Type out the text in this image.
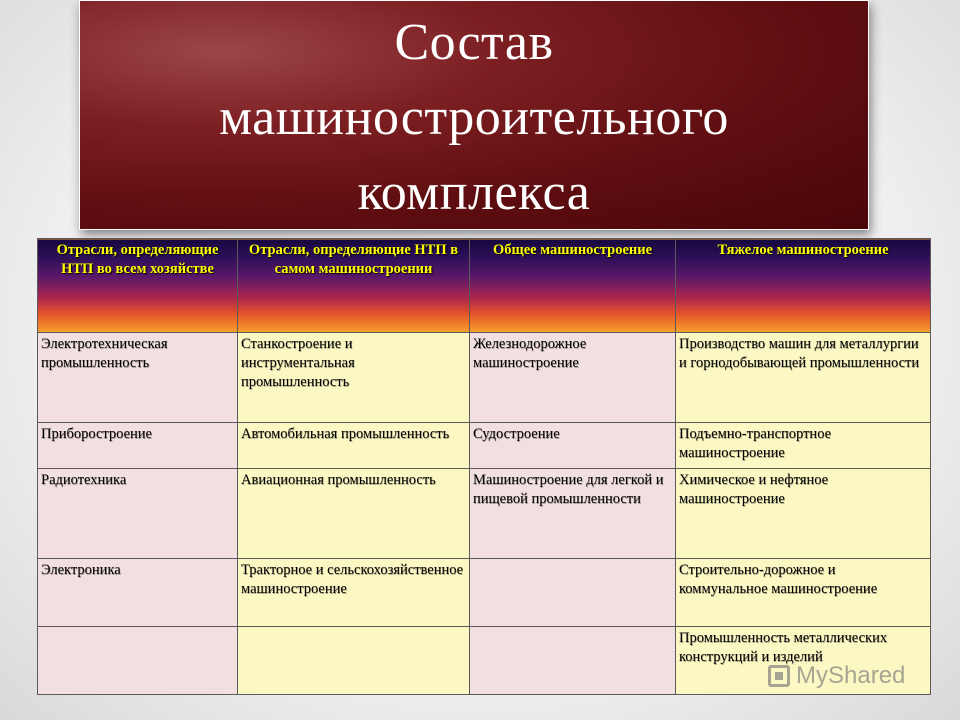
Состав
машиностроительного
комплекса
Отрасли, определяющие НТП во всем хозяйстве	Отрасли, определяющие НТП в самом машиностроении	Общее машиностроение	Тяжелое машиностроение
Электротехническая промышленность	Станкостроение и инструментальная промышленность	Железнодорожное машиностроение	Производство машин для металлургии и горнодобывающей промышленности
Приборостроение	Автомобильная промышленность	Судостроение	Подъемно-транспортное машиностроение
Радиотехника	Авиационная промышленность	Машиностроение для легкой и пищевой промышленности	Химическое и нефтяное машиностроение
Электроника	Тракторное и сельскохозяйственное машиностроение		Строительно-дорожное и коммунальное машиностроение
			Промышленность металлических конструкций и изделий
MyShared
